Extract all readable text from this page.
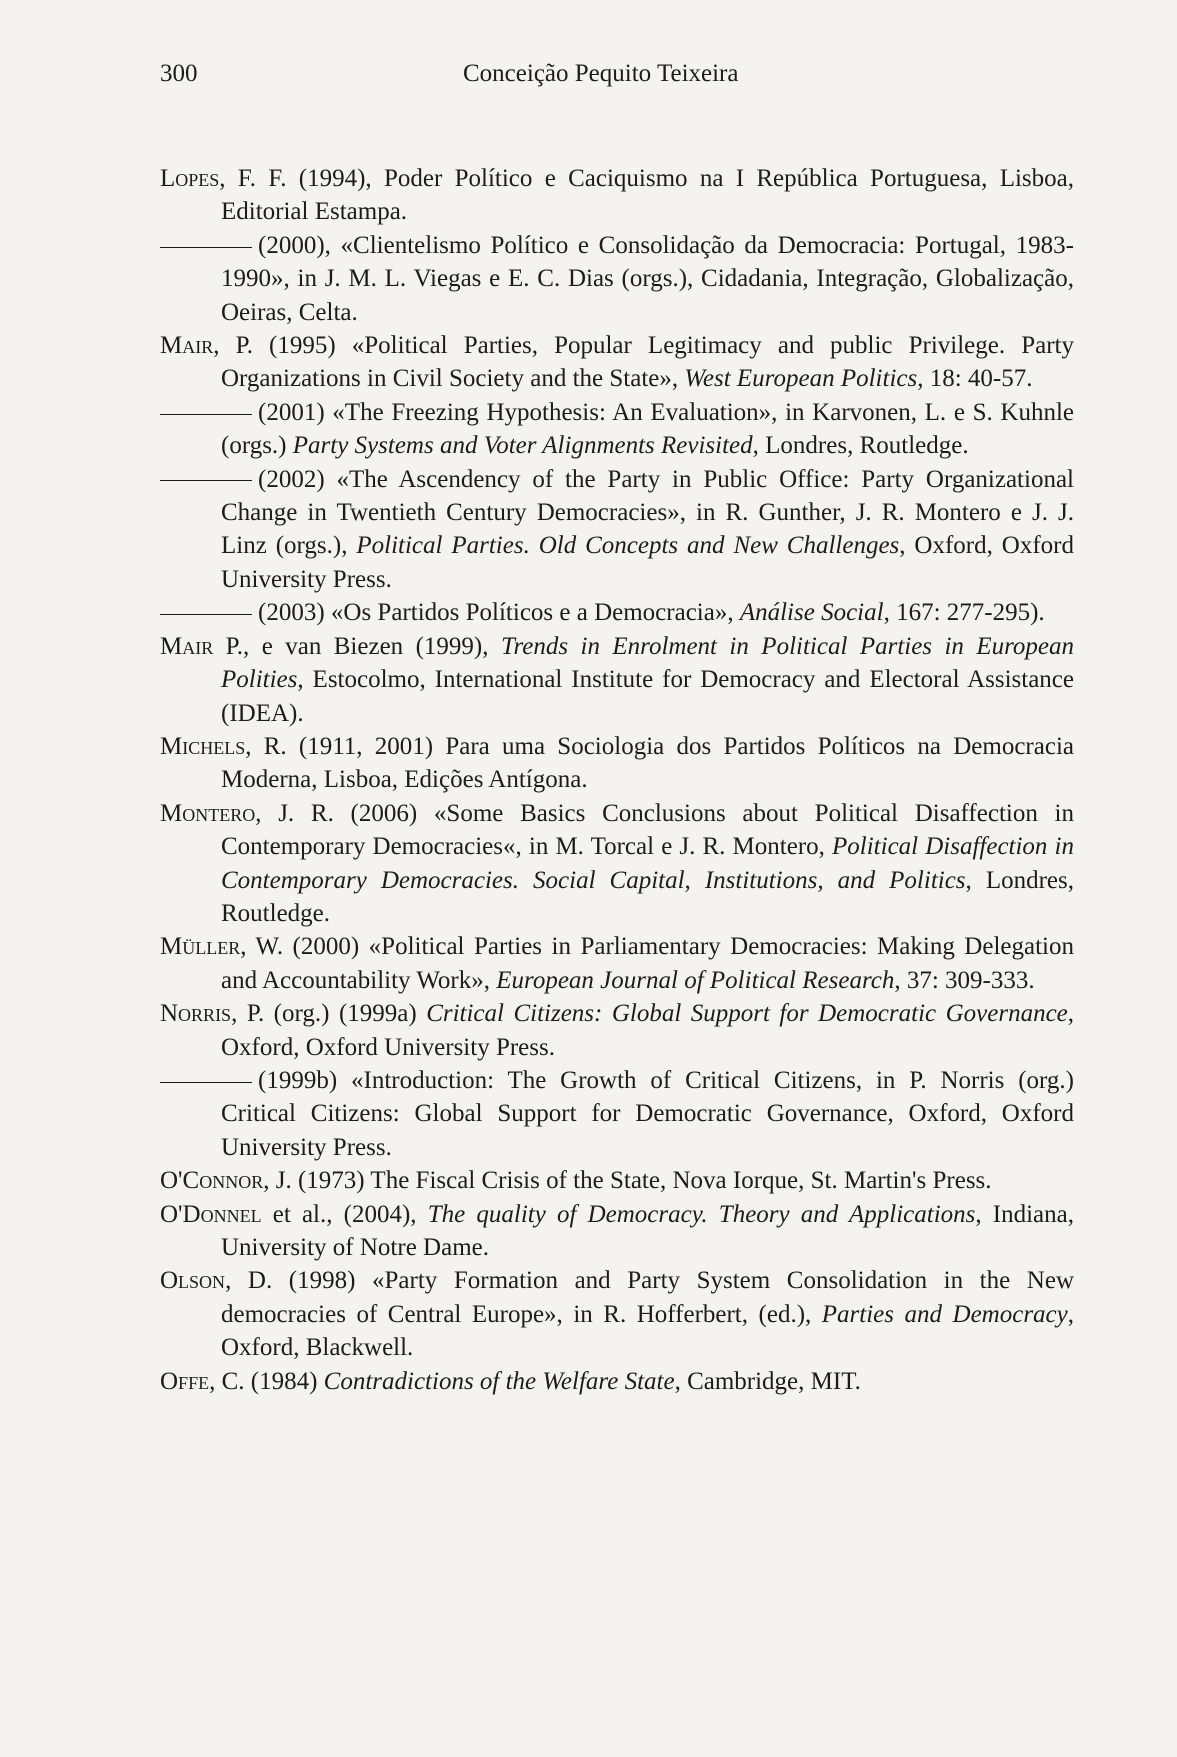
300	Conceição Pequito Teixeira

Lopes, F. F. (1994), Poder Político e Caciquismo na I República Portuguesa, Lisboa, Editorial Estampa.

(2000), «Clientelismo Político e Consolidação da Democracia: Portugal, 1983-1990», in J. M. L. Viegas e E. C. Dias (orgs.), Cidadania, Integração, Globalização, Oeiras, Celta.

Mair, P. (1995) «Political Parties, Popular Legitimacy and public Privilege. Party Organizations in Civil Society and the State», West European Politics, 18: 40-57.

(2001) «The Freezing Hypothesis: An Evaluation», in Karvonen, L. e S. Kuhnle (orgs.) Party Systems and Voter Alignments Revisited, Londres, Routledge.

(2002) «The Ascendency of the Party in Public Office: Party Organizational Change in Twentieth Century Democracies», in R. Gunther, J. R. Montero e J. J. Linz (orgs.), Political Parties. Old Concepts and New Challenges, Oxford, Oxford University Press.

(2003) «Os Partidos Políticos e a Democracia», Análise Social, 167: 277-295).

Mair P., e van Biezen (1999), Trends in Enrolment in Political Parties in European Polities, Estocolmo, International Institute for Democracy and Electoral Assistance (IDEA).

Michels, R. (1911, 2001) Para uma Sociologia dos Partidos Políticos na Democracia Moderna, Lisboa, Edições Antígona.

Montero, J. R. (2006) «Some Basics Conclusions about Political Disaffection in Contemporary Democracies«, in M. Torcal e J. R. Montero, Political Disaffection in Contemporary Democracies. Social Capital, Institutions, and Politics, Londres, Routledge.

Müller, W. (2000) «Political Parties in Parliamentary Democracies: Making Delegation and Accountability Work», European Journal of Political Research, 37: 309-333.

Norris, P. (org.) (1999a) Critical Citizens: Global Support for Democratic Governance, Oxford, Oxford University Press.

(1999b) «Introduction: The Growth of Critical Citizens, in P. Norris (org.) Critical Citizens: Global Support for Democratic Governance, Oxford, Oxford University Press.

O'Connor, J. (1973) The Fiscal Crisis of the State, Nova Iorque, St. Martin's Press.

O'Donnel et al., (2004), The quality of Democracy. Theory and Applications, Indiana, University of Notre Dame.

Olson, D. (1998) «Party Formation and Party System Consolidation in the New democracies of Central Europe», in R. Hofferbert, (ed.), Parties and Democracy, Oxford, Blackwell.

Offe, C. (1984) Contradictions of the Welfare State, Cambridge, MIT.
